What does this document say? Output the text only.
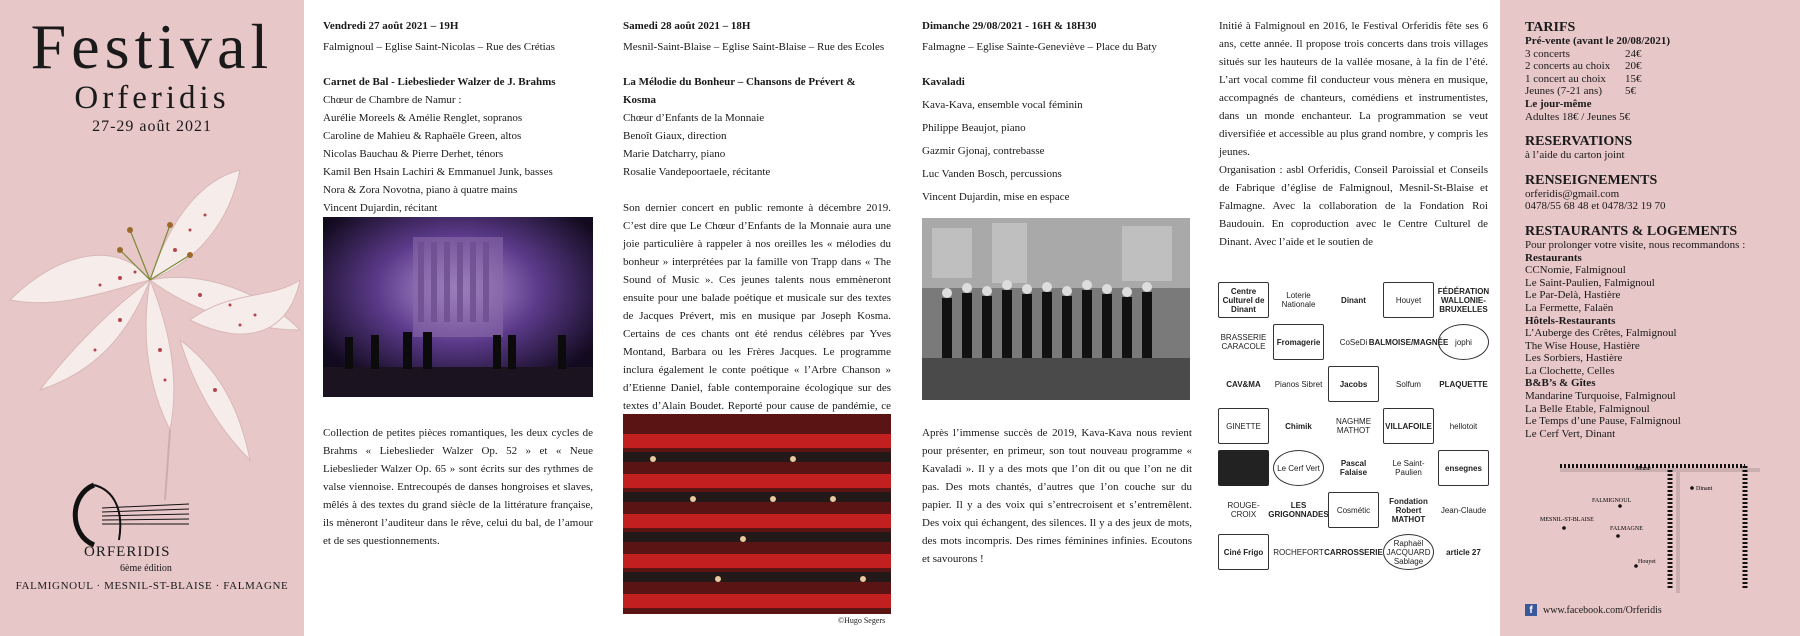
Festival
Orferidis
27-29 août 2021
ORFERIDIS
6ème édition
FALMIGNOUL · MESNIL-ST-BLAISE · FALMAGNE

Vendredi 27 août 2021 – 19H

Falmignoul – Eglise Saint-Nicolas – Rue des Crétias

Carnet de Bal - Liebeslieder Walzer de J. Brahms

Chœur de Chambre de Namur :

Aurélie Moreels & Amélie Renglet, sopranos

Caroline de Mahieu & Raphaële Green, altos

Nicolas Bauchau & Pierre Derhet, ténors

Kamil Ben Hsain Lachiri & Emmanuel Junk, basses

Nora & Zora Novotna, piano à quatre mains

Vincent Dujardin, récitant

Collection de petites pièces romantiques, les deux cycles de Brahms « Liebeslieder Walzer Op. 52 » et « Neue Liebeslieder Walzer Op. 65 » sont écrits sur des rythmes de valse viennoise. Entrecoupés de danses hongroises et slaves, mêlés à des textes du grand siècle de la littérature française, ils mèneront l’auditeur dans le rêve, celui du bal, de l’amour et de ses questionnements.

Samedi 28 août 2021 – 18H

Mesnil-Saint-Blaise – Eglise Saint-Blaise – Rue des Ecoles

La Mélodie du Bonheur – Chansons de Prévert & Kosma

Chœur d’Enfants de la Monnaie

Benoît Giaux, direction

Marie Datcharry, piano

Rosalie Vandepoortaele, récitante

Son dernier concert en public remonte à décembre 2019. C’est dire que Le Chœur d’Enfants de la Monnaie aura une joie particulière à rappeler à nos oreilles les « mélodies du bonheur » interprétées par la famille von Trapp dans « The Sound of Music ». Ces jeunes talents nous emmèneront ensuite pour une balade poétique et musicale sur des textes de Jacques Prévert, mis en musique par Joseph Kosma. Certains de ces chants ont été rendus célèbres par Yves Montand, Barbara ou les Frères Jacques. Le programme inclura également le conte poétique « l’Arbre Chanson » d’Etienne Daniel, fable contemporaine écologique sur des textes d’Alain Boudet. Reporté pour cause de pandémie, ce

©Hugo Segers

Dimanche 29/08/2021 - 16H & 18H30

Falmagne – Eglise Sainte-Geneviève – Place du Baty

Kavaladi

Kava-Kava, ensemble vocal féminin

Philippe Beaujot, piano

Gazmir Gjonaj, contrebasse

Luc Vanden Bosch, percussions

Vincent Dujardin, mise en espace

Après l’immense succès de 2019, Kava-Kava nous revient pour présenter, en primeur, son tout nouveau programme « Kavaladi ». Il y a des mots que l’on dit ou que l’on ne dit pas. Des mots chantés, d’autres que l’on couche sur du papier. Il y a des voix qui s’entrecroisent et s’entremêlent. Des voix qui échangent, des silences. Il y a des jeux de mots, des mots incompris. Des rimes féminines infinies. Ecoutons et savourons !

Initié à Falmignoul en 2016, le Festival Orferidis fête ses 6 ans, cette année. Il propose trois concerts dans trois villages situés sur les hauteurs de la vallée mosane, à la fin de l’été. L’art vocal comme fil conducteur vous mènera en musique, accompagnés de chanteurs, comédiens et instrumentistes, dans un monde enchanteur. La programmation se veut diversifiée et accessible au plus grand nombre, y compris les jeunes.

Organisation : asbl Orferidis, Conseil Paroissial et Conseils de Fabrique d’église de Falmignoul, Mesnil-St-Blaise et Falmagne. Avec la collaboration de la Fondation Roi Baudouin. En coproduction avec le Centre Culturel de Dinant. Avec l’aide et le soutien de

Centre Culturel de Dinant
Loterie Nationale	Dinant	Houyet
FÉDÉRATION WALLONIE-BRUXELLES
BRASSERIE CARACOLE	Fromagerie	CoSeDi BALMOISE/MAGNÉE jophi
CAV&MA	Pianos Sibret	Jacobs	Solfum	PLAQUETTE
GINETTE	Chimik	NAGHME MATHOT	VILLAFOILE	hellotoit
Le Cerf Vert	Pascal Falaise
Le Saint-Paulien	ensegnes
ROUGE-CROIX
LES GRIGONNADES	Cosmétic
Fondation Robert MATHOT
Jean-Claude
Ciné Frigo	ROCHEFORT CARROSSERIE
Raphaël JACQUARD Sablage
article 27
TARIFS
Pré-vente (avant le 20/08/2021)
3 concerts	24€
2 concerts au choix	20€
1 concert au choix	15€
Jeunes (7-21 ans)	5€
Le jour-même
Adultes 18€ / Jeunes 5€
RESERVATIONS
à l’aide du carton joint
RENSEIGNEMENTS
orferidis@gmail.com
0478/55 68 48 et 0478/32 19 70
RESTAURANTS & LOGEMENTS
Pour prolonger votre visite, nous recommandons :
Restaurants
CCNomie, Falmignoul
Le Saint-Paulien, Falmignoul
Le Par-Delà, Hastière
La Fermette, Falaën
Hôtels-Restaurants
L’Auberge des Crêtes, Falmignoul
The Wise House, Hastière
Les Sorbiers, Hastière
La Clochette, Celles
B&B’s & Gîtes
Mandarine Turquoise, Falmignoul
La Belle Etable, Falmignoul
Le Temps d’une Pause, Falmignoul
Le Cerf Vert, Dinant
Meuse
Dinant
FALMIGNOUL
MESNIL-ST-BLAISE
FALMAGNE
Houyet
f	www.facebook.com/Orferidis
